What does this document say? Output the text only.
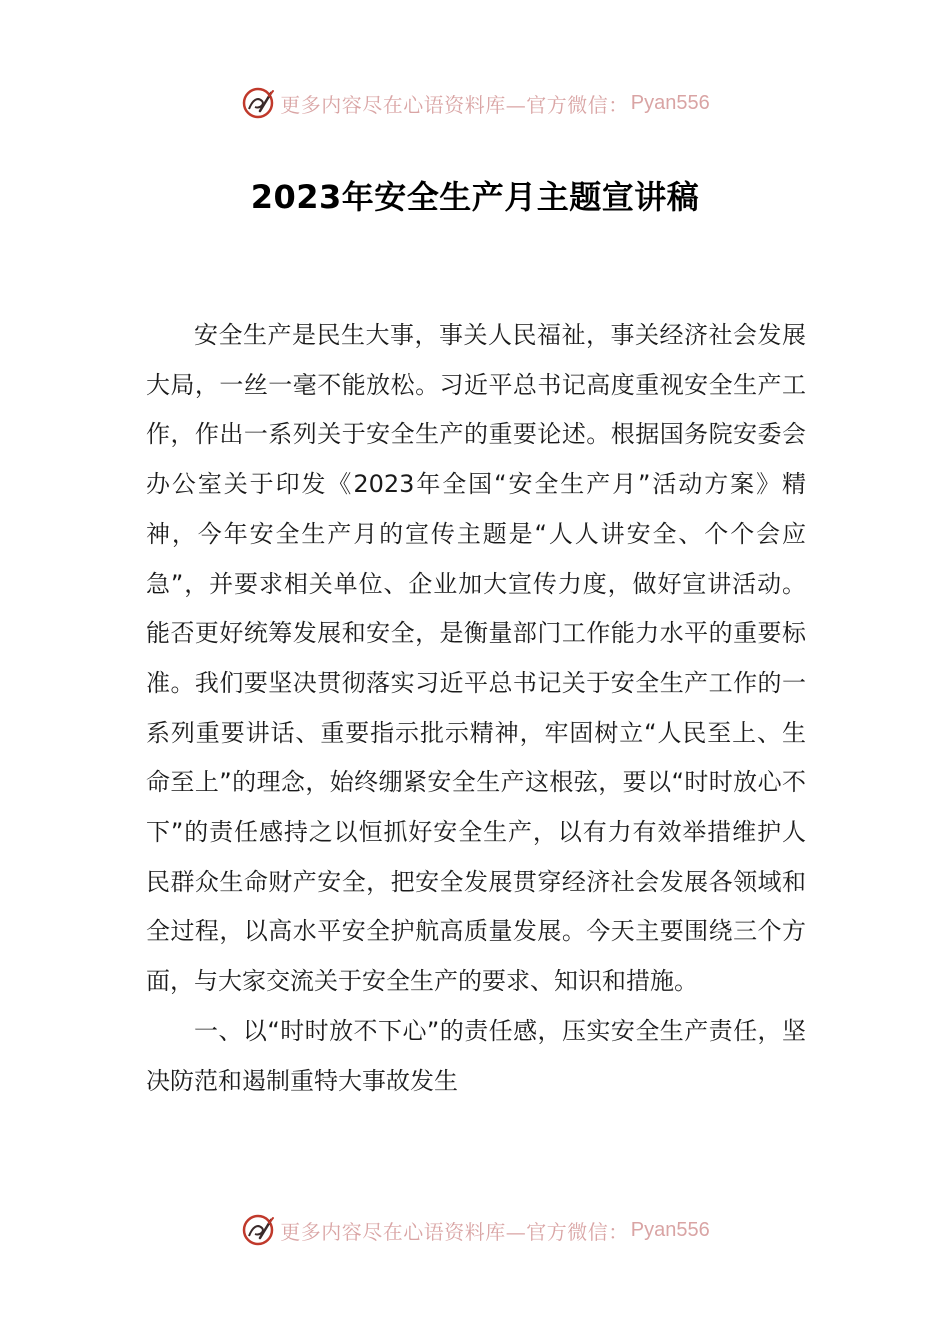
更多内容尽在心语资料库—官方微信： Pyan556
2023年安全生产月主题宣讲稿

安全生产是民生大事，事关人民福祉，事关经济社会发展大局，一丝一毫不能放松。习近平总书记高度重视安全生产工作，作出一系列关于安全生产的重要论述。根据国务院安委会办公室关于印发《2023年全国“安全生产月”活动方案》精神，今年安全生产月的宣传主题是“人人讲安全、个个会应急”，并要求相关单位、企业加大宣传力度，做好宣讲活动。能否更好统筹发展和安全，是衡量部门工作能力水平的重要标准。我们要坚决贯彻落实习近平总书记关于安全生产工作的一系列重要讲话、重要指示批示精神，牢固树立“人民至上、生命至上”的理念，始终绷紧安全生产这根弦，要以“时时放心不下”的责任感持之以恒抓好安全生产，以有力有效举措维护人民群众生命财产安全，把安全发展贯穿经济社会发展各领域和全过程，以高水平安全护航高质量发展。今天主要围绕三个方面，与大家交流关于安全生产的要求、知识和措施。

一、以“时时放不下心”的责任感，压实安全生产责任，坚决防范和遏制重特大事故发生

更多内容尽在心语资料库—官方微信： Pyan556
